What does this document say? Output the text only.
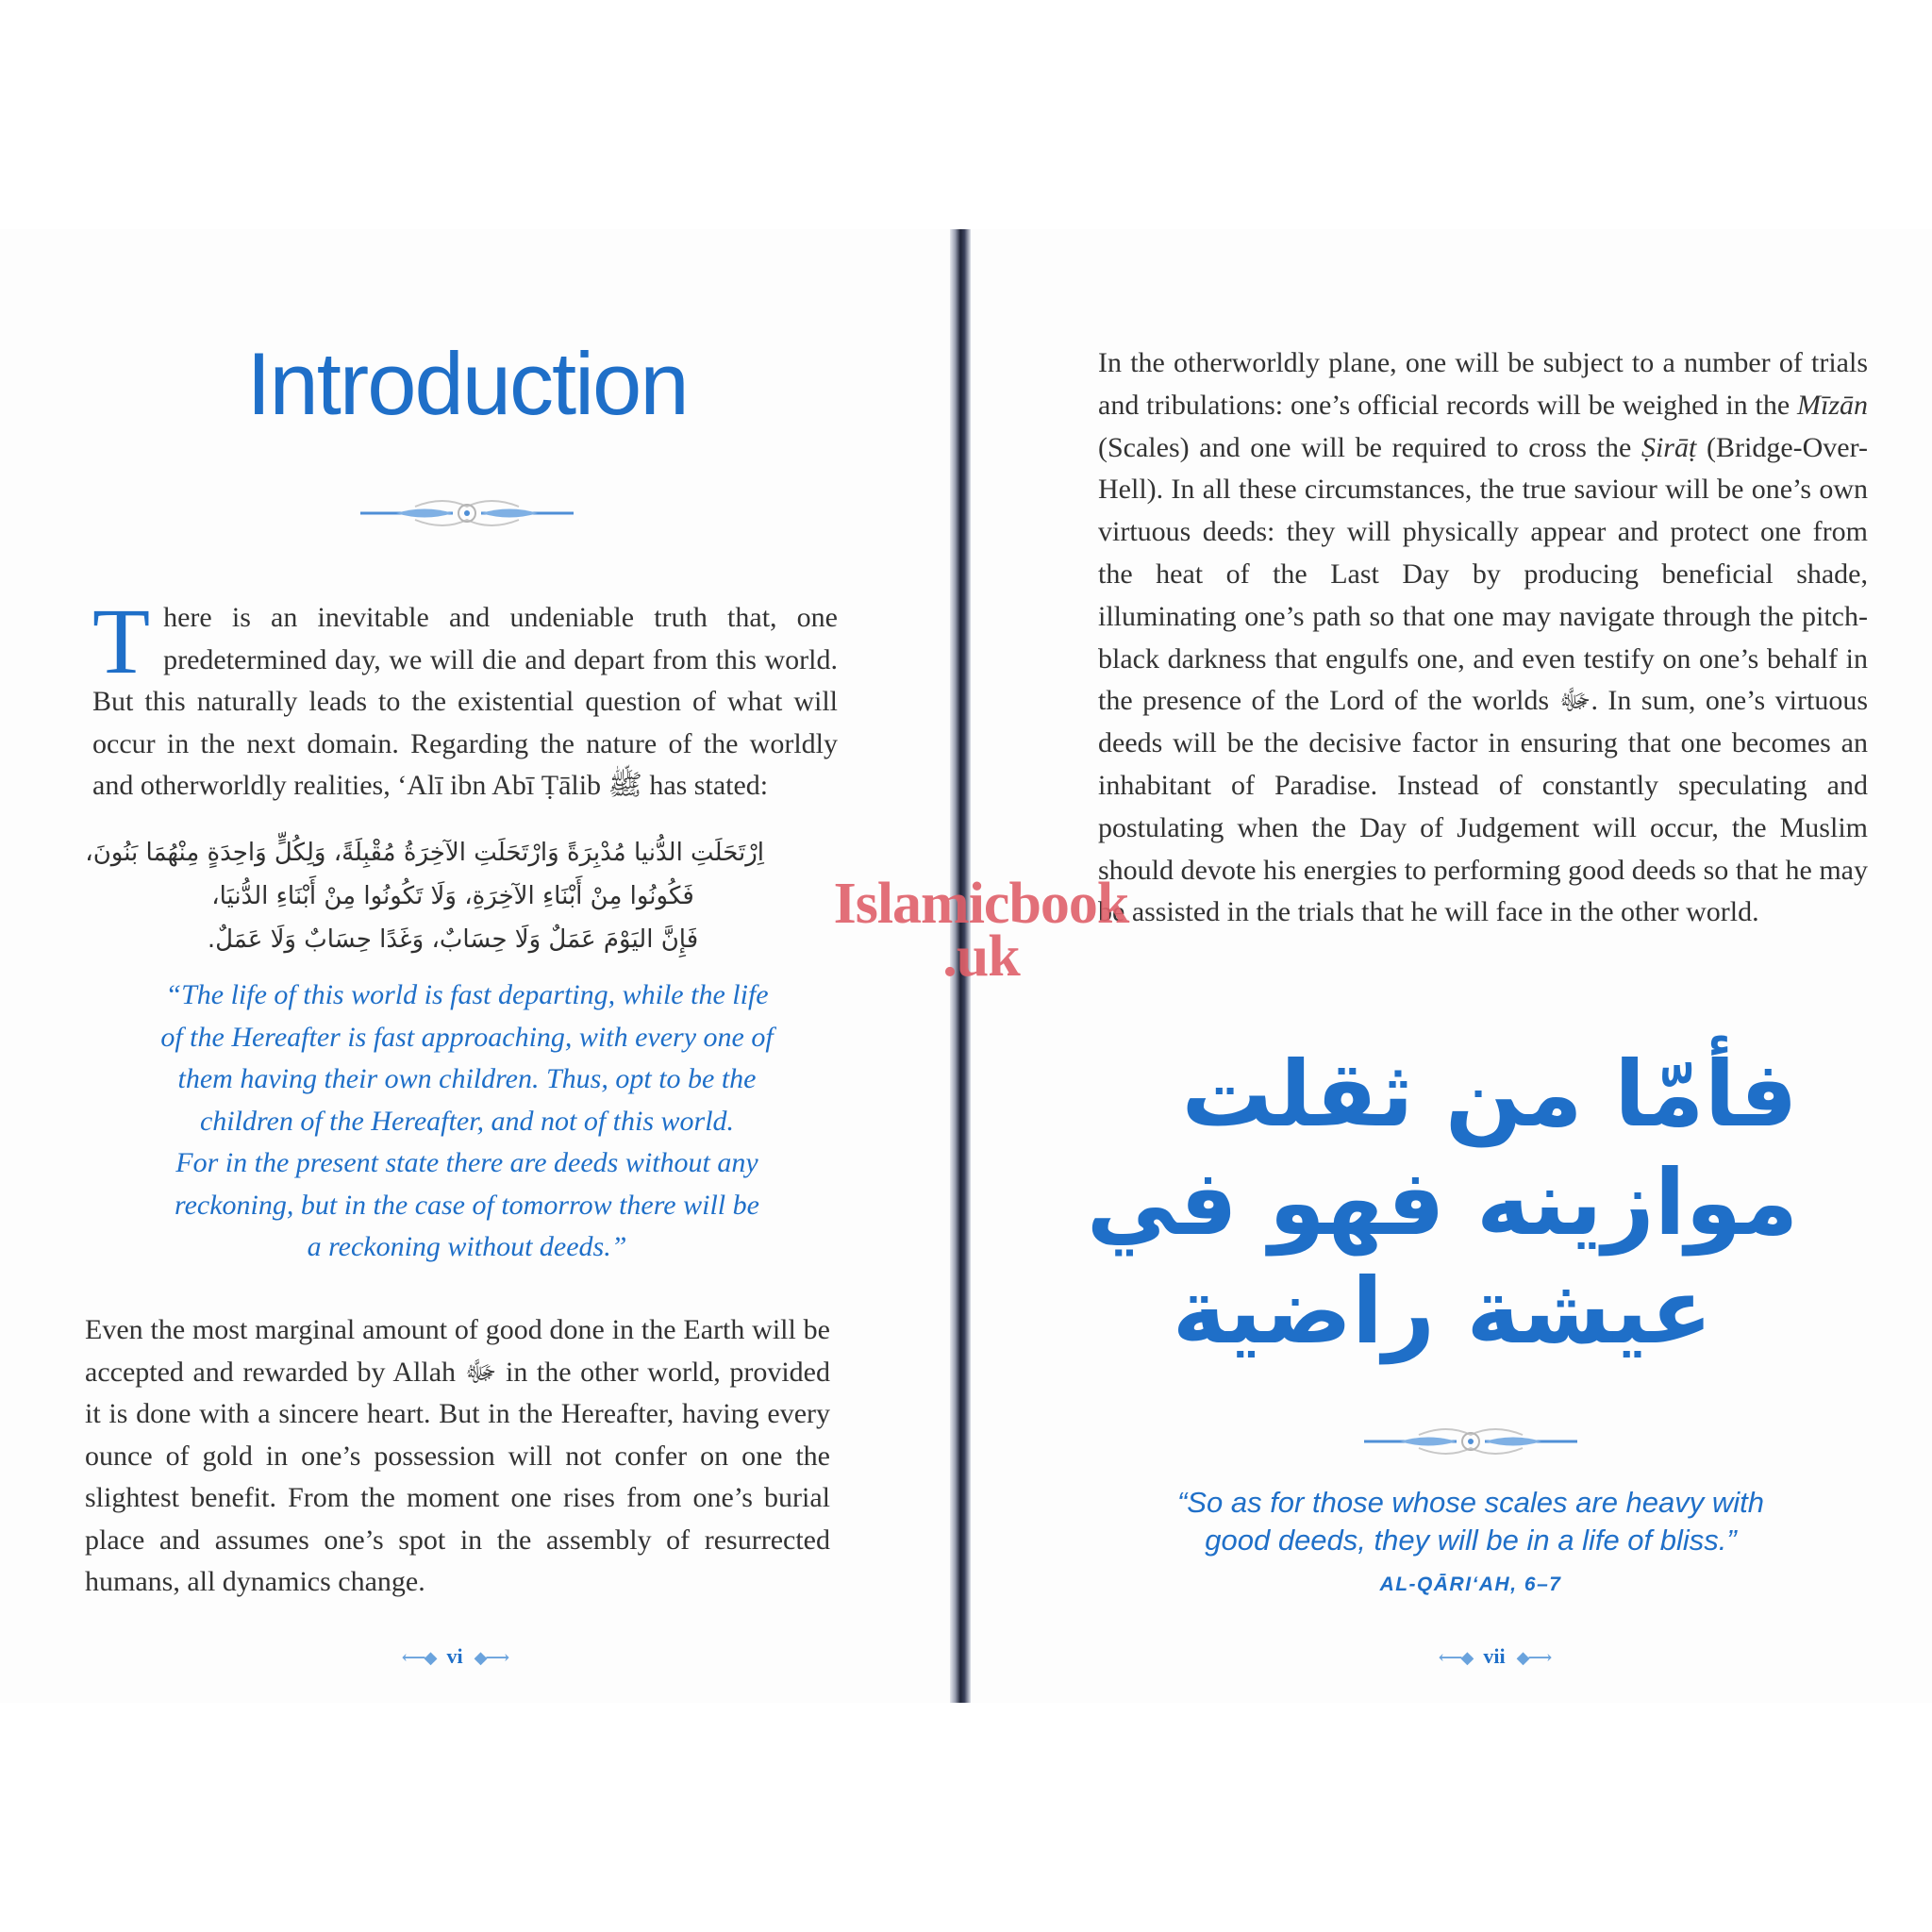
Introduction

There is an inevitable and undeniable truth that, one predetermined day, we will die and depart from this world. But this naturally leads to the existential question of what will occur in the next domain. Regarding the nature of the worldly and otherworldly realities, ‘Alī ibn Abī Ṭālib ﷺ has stated:

اِرْتَحَلَتِ الدُّنيا مُدْبِرَةً وَارْتَحَلَتِ الآخِرَةُ مُقْبِلَةً، وَلِكُلٍّ وَاحِدَةٍ مِنْهُمَا بَنُونَ،
فَكُونُوا مِنْ أَبْنَاءِ الآخِرَةِ، وَلَا تَكُونُوا مِنْ أَبْنَاءِ الدُّنيَا،
فَإِنَّ اليَوْمَ عَمَلٌ وَلَا حِسَابٌ، وَغَدًا حِسَابٌ وَلَا عَمَلٌ.
“The life of this world is fast departing, while the life
of the Hereafter is fast approaching, with every one of
them having their own children. Thus, opt to be the
children of the Hereafter, and not of this world.
For in the present state there are deeds without any
reckoning, but in the case of tomorrow there will be
a reckoning without deeds.”

Even the most marginal amount of good done in the Earth will be accepted and rewarded by Allah ﷻ in the other world, provided it is done with a sincere heart. But in the Hereafter, having every ounce of gold in one’s possession will not confer on one the slightest benefit. From the moment one rises from one’s burial place and assumes one’s spot in the assembly of resurrected humans, all dynamics change.

⟵◆ vi ◆⟶

In the otherworldly plane, one will be subject to a number of trials and tribulations: one’s official records will be weighed in the Mīzān (Scales) and one will be required to cross the Ṣirāṭ (Bridge-Over-Hell). In all these circumstances, the true saviour will be one’s own virtuous deeds: they will physically appear and protect one from the heat of the Last Day by producing beneficial shade, illuminating one’s path so that one may navigate through the pitch-black darkness that engulfs one, and even testify on one’s behalf in the presence of the Lord of the worlds ﷻ. In sum, one’s virtuous deeds will be the decisive factor in ensuring that one becomes an inhabitant of Paradise. Instead of constantly speculating and postulating when the Day of Judgement will occur, the Muslim should devote his energies to performing good deeds so that he may be assisted in the trials that he will face in the other world.

فأمّا من ثقلت
موازينه فهو في
عيشة راضية
“So as for those whose scales are heavy with
good deeds, they will be in a life of bliss.”
AL-QĀRI‘AH, 6–7
⟵◆ vii ◆⟶
Islamicbook
.uk
